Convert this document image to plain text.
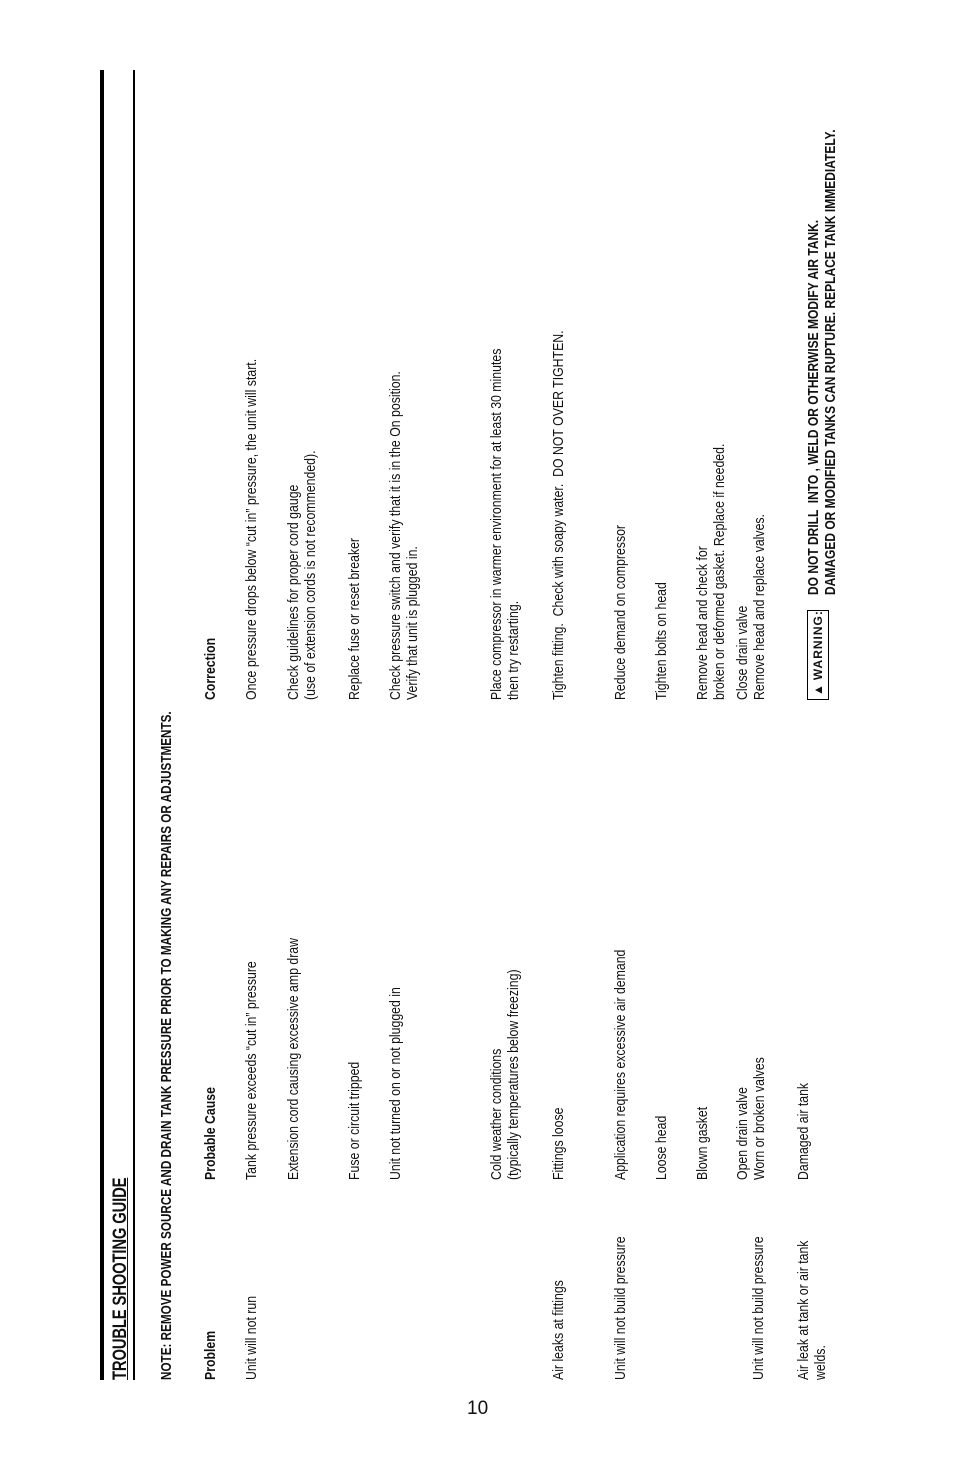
TROUBLE SHOOTING GUIDE NOTE: REMOVE POWER SOURCE AND DRAIN TANK PRESSURE PRIOR TO MAKING ANY REPAIRS OR ADJUSTMENTS. Problem
Probable Cause
Correction
Unit will not run
Tank pressure exceeds “cut in” pressure
Once pressure drops below “cut in” pressure, the unit will start.
Extension cord causing excessive amp draw
Check guidelines for proper cord gauge
(use of extension cords is not recommended).
Fuse or circuit tripped
Replace fuse or reset breaker
Unit not turned on or not plugged in
Check pressure switch and verify that it is in the On position.
Verify that unit is plugged in.
Cold weather conditions
(typically temperatures below freezing)
Place compressor in warmer environment for at least 30 minutes
then try restarting.
Air leaks at fittings
Fittings loose
Tighten fitting.  Check with soapy water.  DO NOT OVER TIGHTEN.
Unit will not build pressure
Application requires excessive air demand
Reduce demand on compressor
Loose head
Tighten bolts on head
Blown gasket
Remove head and check for
broken or deformed gasket. Replace if needed.
Unit will not build pressure
Open drain valve
Worn or broken valves
Close drain valve
Remove head and replace valves.
Air leak at tank or air tank
welds.
Damaged air tank
▲
WARNING:
DO NOT DRILL  INTO , WELD OR OTHERWISE MODIFY AIR TANK.
DAMAGED OR MODIFIED TANKS CAN RUPTURE. REPLACE TANK IMMEDIATELY.
10
